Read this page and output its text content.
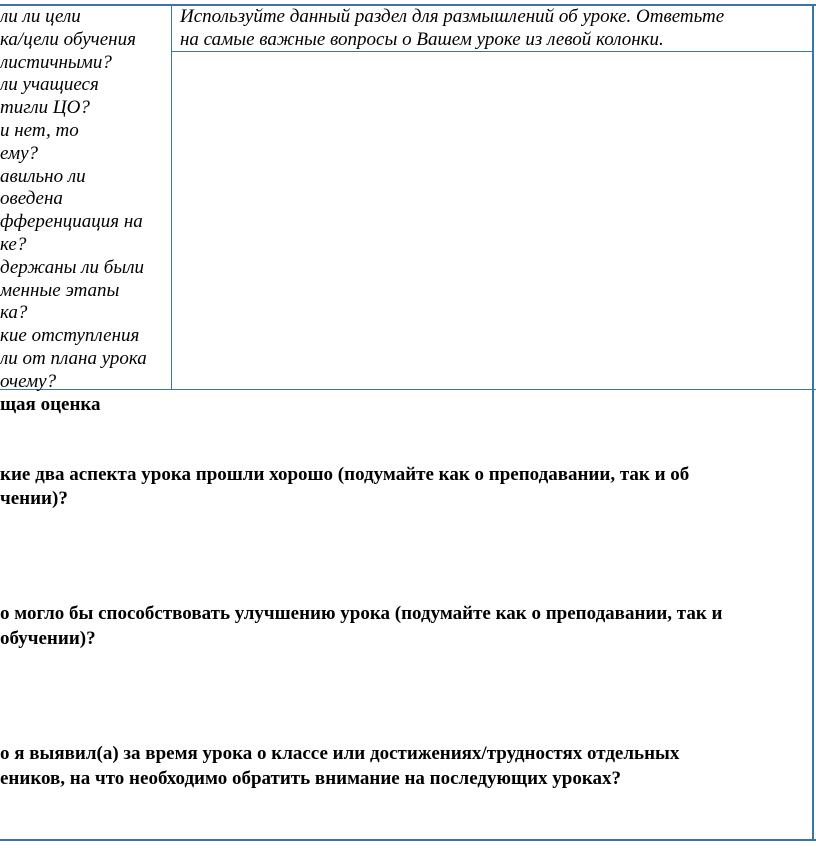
ли ли цели
ка/цели обучения
листичными?
ли учащиеся
тигли ЦО?
и нет, то
ему?
авильно ли
оведена
фференциация на
ке?
держаны ли были
менные этапы
ка?
кие отступления
ли от плана урока
очему?
Используйте данный раздел для размышлений об уроке. Ответьте
на самые важные вопросы о Вашем уроке из левой колонки.
щая оценка
кие два аспекта урока прошли хорошо (подумайте как о преподавании, так и об
чении)?
о могло бы способствовать улучшению урока (подумайте как о преподавании, так и
обучении)?
о я выявил(а) за время урока о классе или достижениях/трудностях отдельных
еников, на что необходимо обратить внимание на последующих уроках?
